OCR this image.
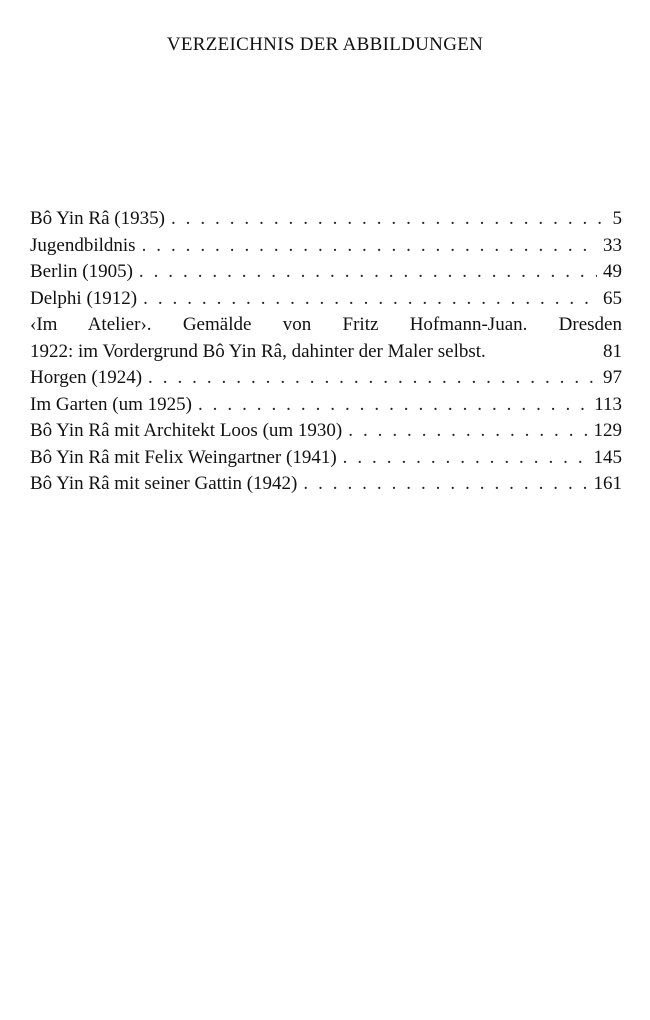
VERZEICHNIS DER ABBILDUNGEN
Bô Yin Râ (1935) . . .	5
Jugendbildnis . . .	33
Berlin (1905) . . .	49
Delphi (1912) . . .	65
‹Im Atelier›. Gemälde von Fritz Hofmann-Juan. Dresden
1922: im Vordergrund Bô Yin Râ, dahinter der Maler selbst.	81
Horgen (1924) . . .	97
Im Garten (um 1925) . . .	113
Bô Yin Râ mit Architekt Loos (um 1930) . . .	129
Bô Yin Râ mit Felix Weingartner (1941) . . .	145
Bô Yin Râ mit seiner Gattin (1942) . . .	161
